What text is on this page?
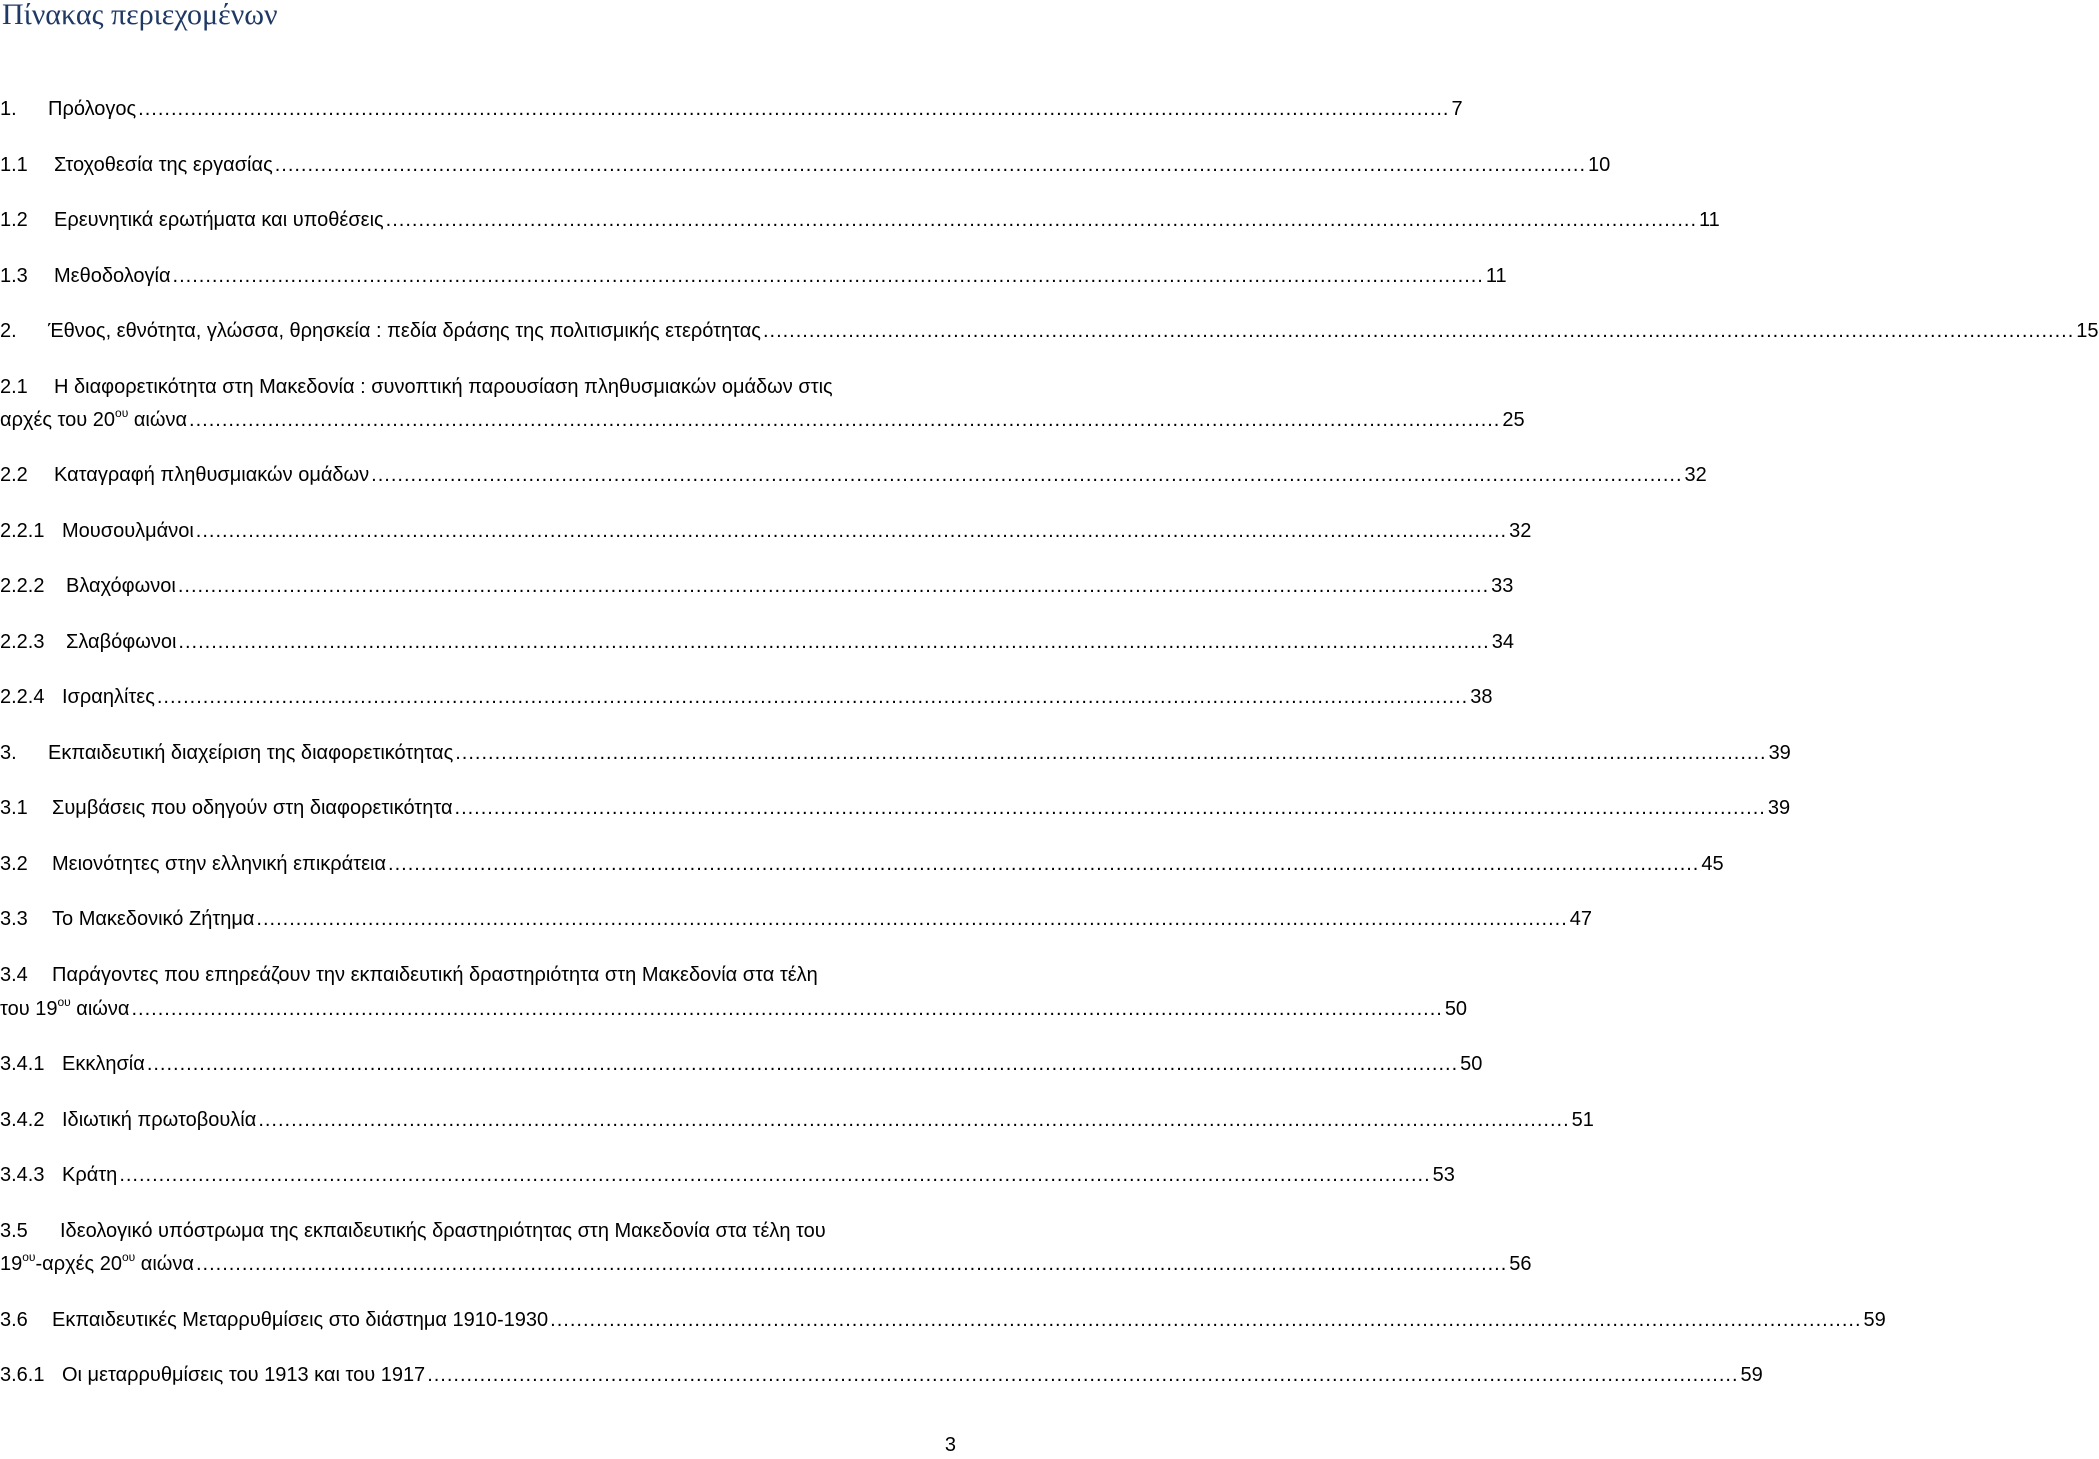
Πίνακας περιεχομένων
1. Πρόλογος ........................................................................................................................................................................................................ 7
1.1 Στοχοθεσία της εργασίας ........................................................................................................................................................................................................ 10
1.2 Ερευνητικά ερωτήματα και υποθέσεις ........................................................................................................................................................................................................ 11
1.3 Μεθοδολογία ........................................................................................................................................................................................................ 11
2. Έθνος, εθνότητα, γλώσσα, θρησκεία : πεδία δράσης της πολιτισμικής ετερότητας ........................................................................................................................................................................................................ 15
2.1 Η διαφορετικότητα στη Μακεδονία : συνοπτική παρουσίαση πληθυσμιακών ομάδων στις
αρχές του $20^{o\upsilon}$ αιώνα ........................................................................................................................................................................................................ 25
2.2 Καταγραφή πληθυσμιακών ομάδων ........................................................................................................................................................................................................ 32
2.2.1 Μουσουλμάνοι ........................................................................................................................................................................................................ 32
2.2.2 Βλαχόφωνοι ........................................................................................................................................................................................................ 33
2.2.3 Σλαβόφωνοι ........................................................................................................................................................................................................ 34
2.2.4 Ισραηλίτες ........................................................................................................................................................................................................ 38
3. Εκπαιδευτική διαχείριση της διαφορετικότητας ........................................................................................................................................................................................................ 39
3.1 Συμβάσεις που οδηγούν στη διαφορετικότητα ........................................................................................................................................................................................................ 39
3.2 Μειονότητες στην ελληνική επικράτεια ........................................................................................................................................................................................................ 45
3.3 Το Μακεδονικό Ζήτημα ........................................................................................................................................................................................................ 47
3.4 Παράγοντες που επηρεάζουν την εκπαιδευτική δραστηριότητα στη Μακεδονία στα τέλη
του $19^{o\upsilon}$ αιώνα ........................................................................................................................................................................................................ 50
3.4.1 Εκκλησία ........................................................................................................................................................................................................ 50
3.4.2 Ιδιωτική πρωτοβουλία ........................................................................................................................................................................................................ 51
3.4.3 Κράτη ........................................................................................................................................................................................................ 53
3.5 Ιδεολογικό υπόστρωμα της εκπαιδευτικής δραστηριότητας στη Μακεδονία στα τέλη του
$19^{o\upsilon}$-αρχές $20^{o\upsilon}$ αιώνα ........................................................................................................................................................................................................ 56
3.6 Εκπαιδευτικές Μεταρρυθμίσεις στο διάστημα 1910-1930 ........................................................................................................................................................................................................ 59
3.6.1 Οι μεταρρυθμίσεις του 1913 και του 1917 ........................................................................................................................................................................................................ 59
3
